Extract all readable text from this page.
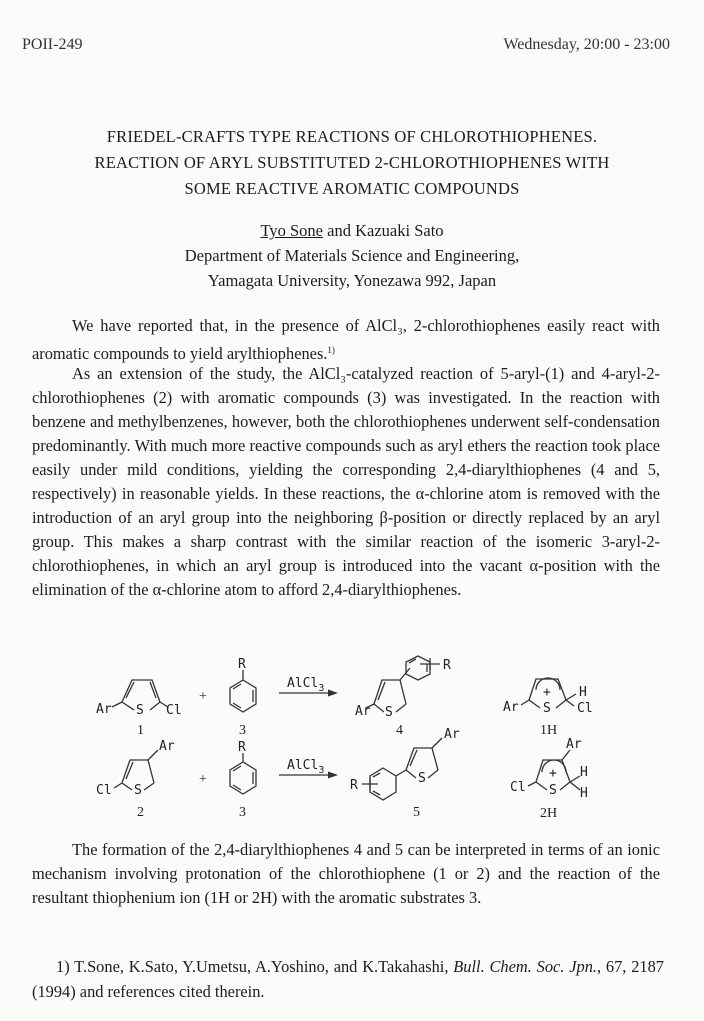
POII-249	Wednesday, 20:00 - 23:00
FRIEDEL-CRAFTS TYPE REACTIONS OF CHLOROTHIOPHENES.
REACTION OF ARYL SUBSTITUTED 2-CHLOROTHIOPHENES WITH
SOME REACTIVE AROMATIC COMPOUNDS
Tyo Sone and Kazuaki Sato
Department of Materials Science and Engineering,
Yamagata University, Yonezawa 992, Japan

We have reported that, in the presence of AlCl₃, 2-chlorothiophenes easily react with aromatic compounds to yield arylthiophenes.$^{1)}$

As an extension of the study, the AlCl₃-catalyzed reaction of 5-aryl-(1) and 4-aryl-2-chlorothiophenes (2) with aromatic compounds (3) was investigated. In the reaction with benzene and methylbenzenes, however, both the chlorothiophenes underwent self-condensation predominantly. With much more reactive compounds such as aryl ethers the reaction took place easily under mild conditions, yielding the corresponding 2,4-diarylthiophenes (4 and 5, respectively) in reasonable yields. In these reactions, the α-chlorine atom is removed with the introduction of an aryl group into the neighboring β-position or directly replaced by an aryl group. This makes a sharp contrast with the similar reaction of the isomeric 3-aryl-2-chlorothiophenes, in which an aryl group is introduced into the vacant α-position with the elimination of the α-chlorine atom to afford 2,4-diarylthiophenes.

Ar S Cl
1
+
R
3
AlCl$_3$
Ar S
R
4
+
Ar S
H
Cl
1H
Cl S
Ar
2
+
R
3
AlCl$_3$
R	S
Ar
5
+
Cl S
Ar
H
H
2H

The formation of the 2,4-diarylthiophenes 4 and 5 can be interpreted in terms of an ionic mechanism involving protonation of the chlorothiophene (1 or 2) and the reaction of the resultant thiophenium ion (1H or 2H) with the aromatic substrates 3.

1) T.Sone, K.Sato, Y.Umetsu, A.Yoshino, and K.Takahashi, Bull. Chem. Soc. Jpn., 67, 2187 (1994) and references cited therein.
